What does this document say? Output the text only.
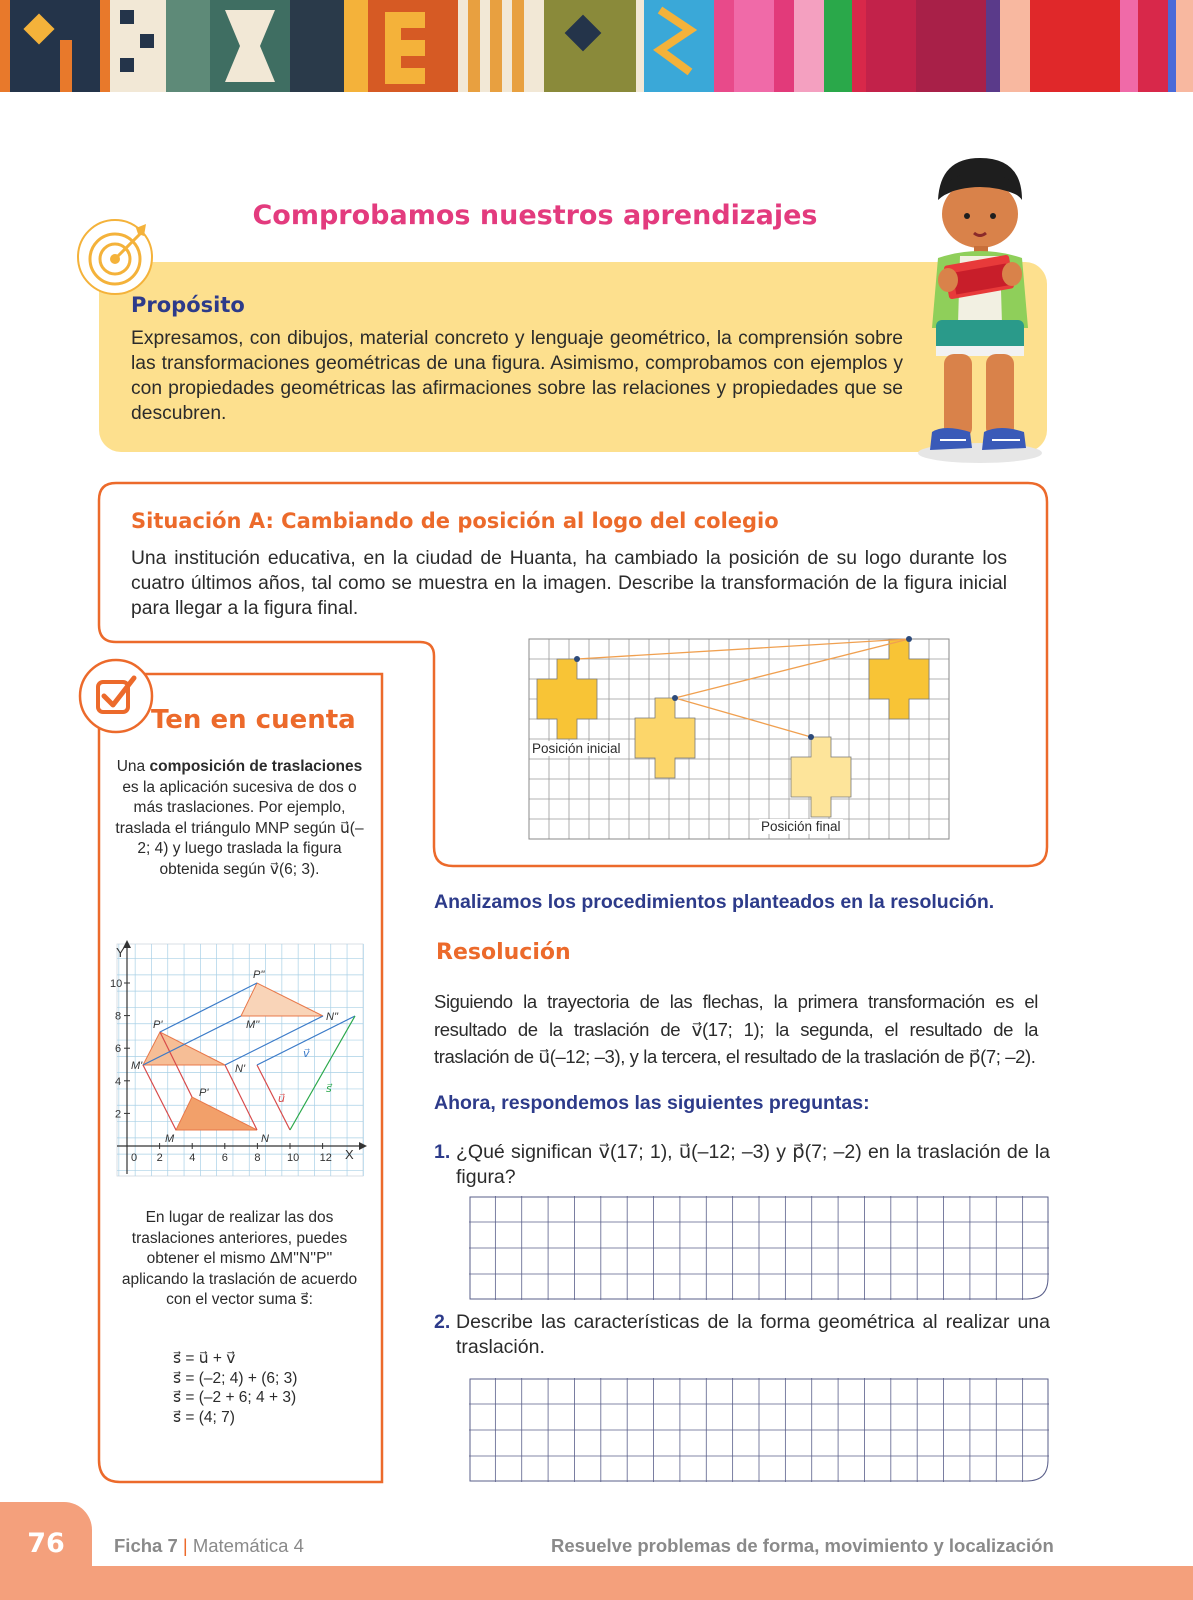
Comprobamos nuestros aprendizajes
Propósito
Expresamos, con dibujos, material concreto y lenguaje geométrico, la comprensión sobre las transformaciones geométricas de una figura. Asimismo, comprobamos con ejemplos y con propiedades geométricas las afirmaciones sobre las relaciones y propiedades que se descubren.
Situación A: Cambiando de posición al logo del colegio
Una institución educativa, en la ciudad de Huanta, ha cambiado la posición de su logo durante los cuatro últimos años, tal como se muestra en la imagen. Describe la transformación de la figura inicial para llegar a la figura final.
Posición inicial
Posición final
Ten en cuenta
Una composición de traslaciones es la aplicación sucesiva de dos o más traslaciones. Por ejemplo, traslada el triángulo MNP según u⃗(–2; 4) y luego traslada la figura obtenida según v⃗(6; 3).
0 2 4 6 8 10 12
2
4
6
8
10
M	N
P'
M'	N'
P'	M''
N''
P''
u⃗
v⃗
s⃗
X
Y
En lugar de realizar las dos traslaciones anteriores, puedes obtener el mismo ΔM''N''P'' aplicando la traslación de acuerdo con el vector suma s⃗:
s⃗ = u⃗ + v⃗
s⃗ = (–2; 4) + (6; 3)
s⃗ = (–2 + 6; 4 + 3)
s⃗ = (4; 7)
Analizamos los procedimientos planteados en la resolución.
Resolución
Siguiendo la trayectoria de las flechas, la primera transformación es el resultado de la traslación de v⃗(17; 1); la segunda, el resultado de la traslación de u⃗(–12; –3), y la tercera, el resultado de la traslación de p⃗(7; –2).
Ahora, respondemos las siguientes preguntas:
1. ¿Qué significan v⃗(17; 1), u⃗(–12; –3) y p⃗(7; –2) en la traslación de la figura?
2. Describe las características de la forma geométrica al realizar una traslación.
76	Ficha 7 | Matemática 4	Resuelve problemas de forma, movimiento y localización
